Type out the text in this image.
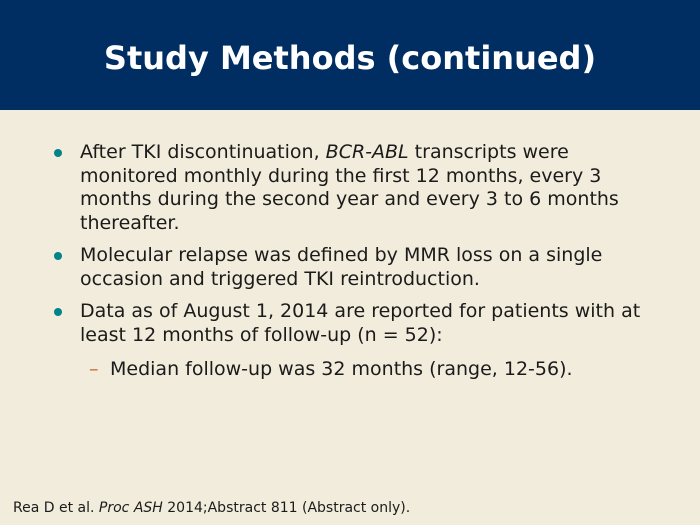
Study Methods (continued)
After TKI discontinuation, BCR-ABL transcripts were monitored monthly during the first 12 months, every 3 months during the second year and every 3 to 6 months thereafter.
Molecular relapse was defined by MMR loss on a single occasion and triggered TKI reintroduction.
Data as of August 1, 2014 are reported for patients with at least 12 months of follow-up (n = 52):
– Median follow-up was 32 months (range, 12-56).
Rea D et al. Proc ASH 2014;Abstract 811 (Abstract only).
